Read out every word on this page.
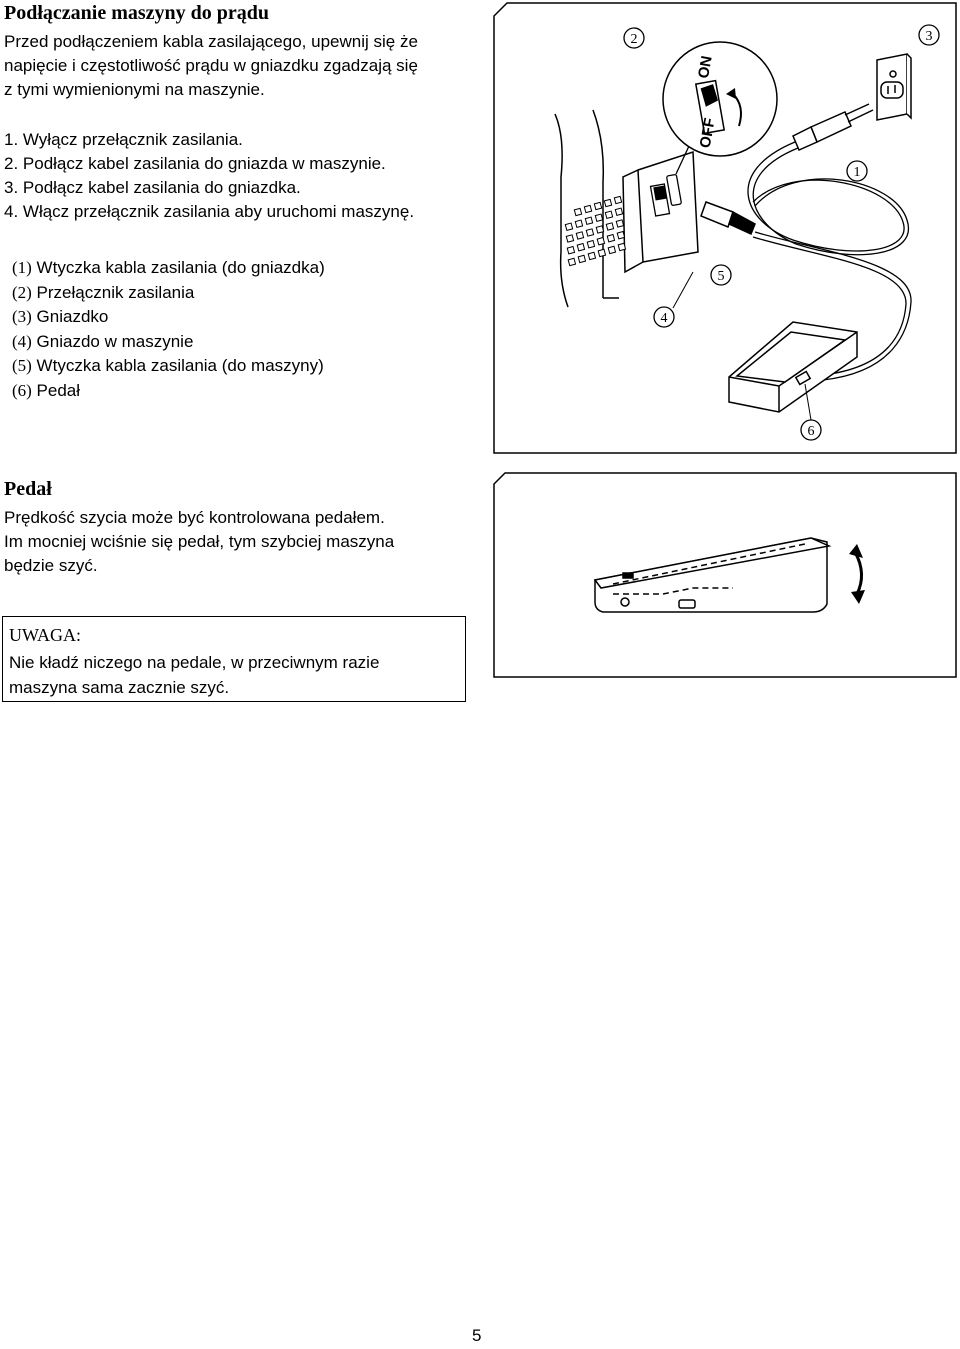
Podłączanie maszyny do prądu
Przed podłączeniem kabla zasilającego, upewnij się że
napięcie i częstotliwość prądu w gniazdku zgadzają się
z tymi wymienionymi na maszynie.
1. Wyłącz przełącznik zasilania.
2. Podłącz kabel zasilania do gniazda w maszynie.
3. Podłącz kabel zasilania do gniazdka.
4. Włącz przełącznik zasilania aby uruchomi maszynę.
(1) Wtyczka kabla zasilania (do gniazdka)
(2) Przełącznik zasilania
(3) Gniazdko
(4) Gniazdo w maszynie
(5) Wtyczka kabla zasilania (do maszyny)
(6) Pedał
ON
OFF
1
2	3
4
5
6
Pedał
Prędkość szycia może być kontrolowana pedałem.
Im mocniej wciśnie się pedał, tym szybciej maszyna
będzie szyć.
UWAGA:
Nie kładź niczego na pedale, w przeciwnym razie
maszyna sama zacznie szyć.
5
